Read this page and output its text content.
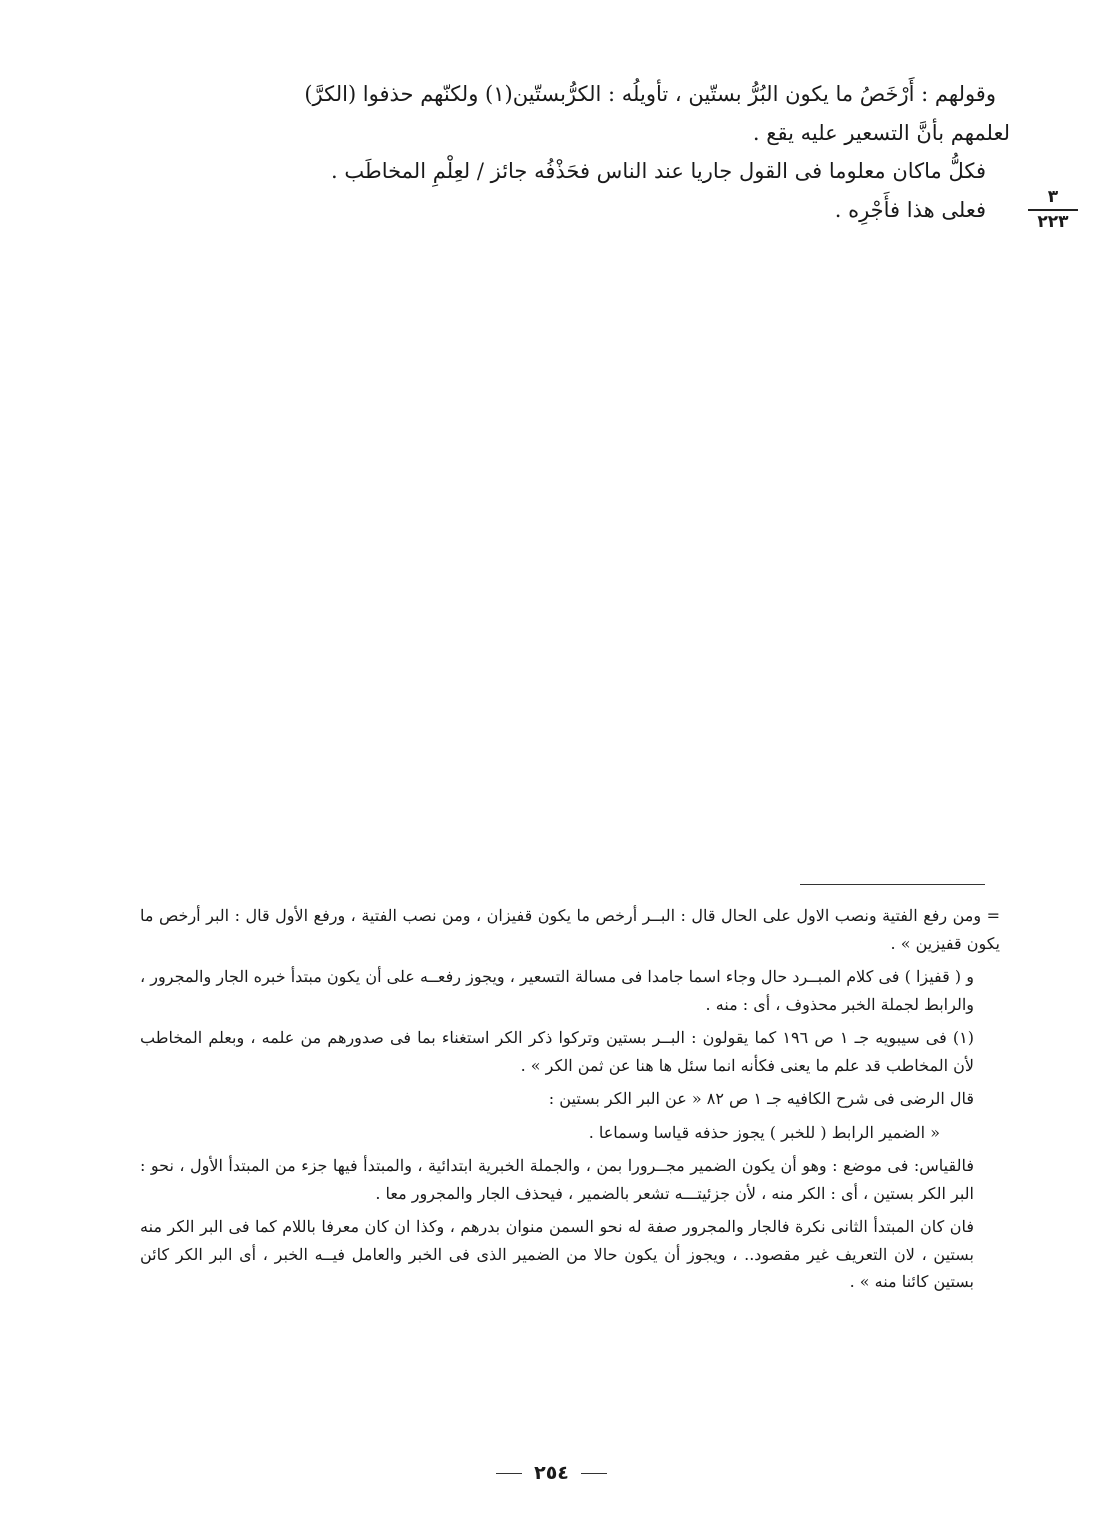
وقولهم : أَرْخَصُ ما يكون البُرُّ بستّين ، تأويلُه : الكرُّبستّين(١) ولكنّهم حذفوا (الكرَّ)

لعلمهم بأنَّ التسعير عليه يقع .

فكلُّ ماكان معلوما فى القول جاريا عند الناس فحَذْفُه جائز / لعِلْمِ المخاطَب .

فعلى هذا فأَجْرِه .

٣
٢٢٣

= ومن رفع الفتية ونصب الاول على الحال قال : البــر أرخص ما يكون قفيزان ، ومن نصب الفتية ، ورفع الأول قال : البر أرخص ما يكون قفيزين » .

و ( قفيزا ) فى كلام المبــرد حال وجاء اسما جامدا فى مسالة التسعير ، ويجوز رفعــه على أن يكون مبتدأ خبره الجار والمجرور ، والرابط لجملة الخبر محذوف ، أى : منه .

(١) فى سيبويه جـ ١ ص ١٩٦ كما يقولون : البــر بستين وتركوا ذكر الكر استغناء بما فى صدورهم من علمه ، وبعلم المخاطب لأن المخاطب قد علم ما يعنى فكأنه انما سئل ها هنا عن ثمن الكر » .

قال الرضى فى شرح الكافيه جـ ١ ص ٨٢ « عن البر الكر بستين :

« الضمير الرابط ( للخبر ) يجوز حذفه قياسا وسماعا .

فالقياس: فى موضع : وهو أن يكون الضمير مجــرورا بمن ، والجملة الخبرية ابتدائية ، والمبتدأ فيها جزء من المبتدأ الأول ، نحو : البر الكر بستين ، أى : الكر منه ، لأن جزئيتـــه تشعر بالضمير ، فيحذف الجار والمجرور معا .

فان كان المبتدأ الثانى نكرة فالجار والمجرور صفة له نحو السمن منوان بدرهم ، وكذا ان كان معرفا باللام كما فى البر الكر منه بستين ، لان التعريف غير مقصود.. ، ويجوز أن يكون حالا من الضمير الذى فى الخبر والعامل فيــه الخبر ، أى البر الكر كائن بستين كائنا منه » .

٢٥٤
